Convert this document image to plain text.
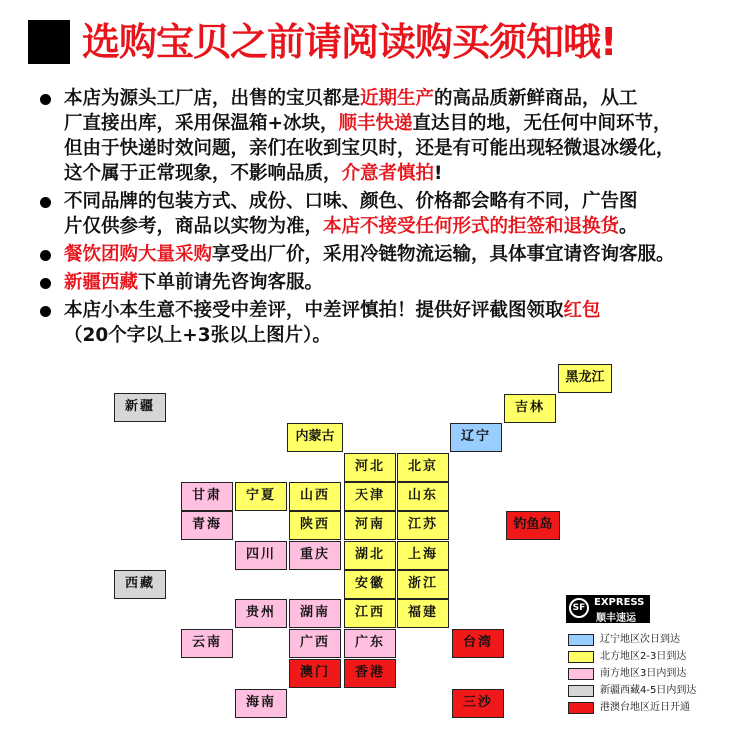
选购宝贝之前请阅读购买须知哦!
本店为源头工厂店，出售的宝贝都是近期生产的高品质新鲜商品，从工
厂直接出库，采用保温箱+冰块，顺丰快递直达目的地，无任何中间环节，
但由于快递时效问题，亲们在收到宝贝时，还是有可能出现轻微退冰缓化，
这个属于正常现象，不影响品质，介意者慎拍!
不同品牌的包装方式、成份、口味、颜色、价格都会略有不同，广告图
片仅供参考，商品以实物为准，本店不接受任何形式的拒签和退换货。
餐饮团购大量采购享受出厂价，采用冷链物流运输，具体事宜请咨询客服。
新疆西藏下单前请先咨询客服。
本店小本生意不接受中差评，中差评慎拍！提供好评截图领取红包
（20个字以上+3张以上图片）。
黑龙江
吉林
辽宁
新疆
内蒙古
河北	北京
甘肃	宁夏	山西	天津	山东
青海	陕西	河南	江苏	钓鱼岛
四川	重庆	湖北	上海
西藏	安徽	浙江
贵州	湖南	江西	福建
云南	广西	广东	台湾
澳门	香港
海南	三沙
SF EXPRESS
顺丰速运
辽宁地区次日到达
北方地区2-3日到达
南方地区3日内到达
新疆西藏4-5日内到达
港澳台地区近日开通
